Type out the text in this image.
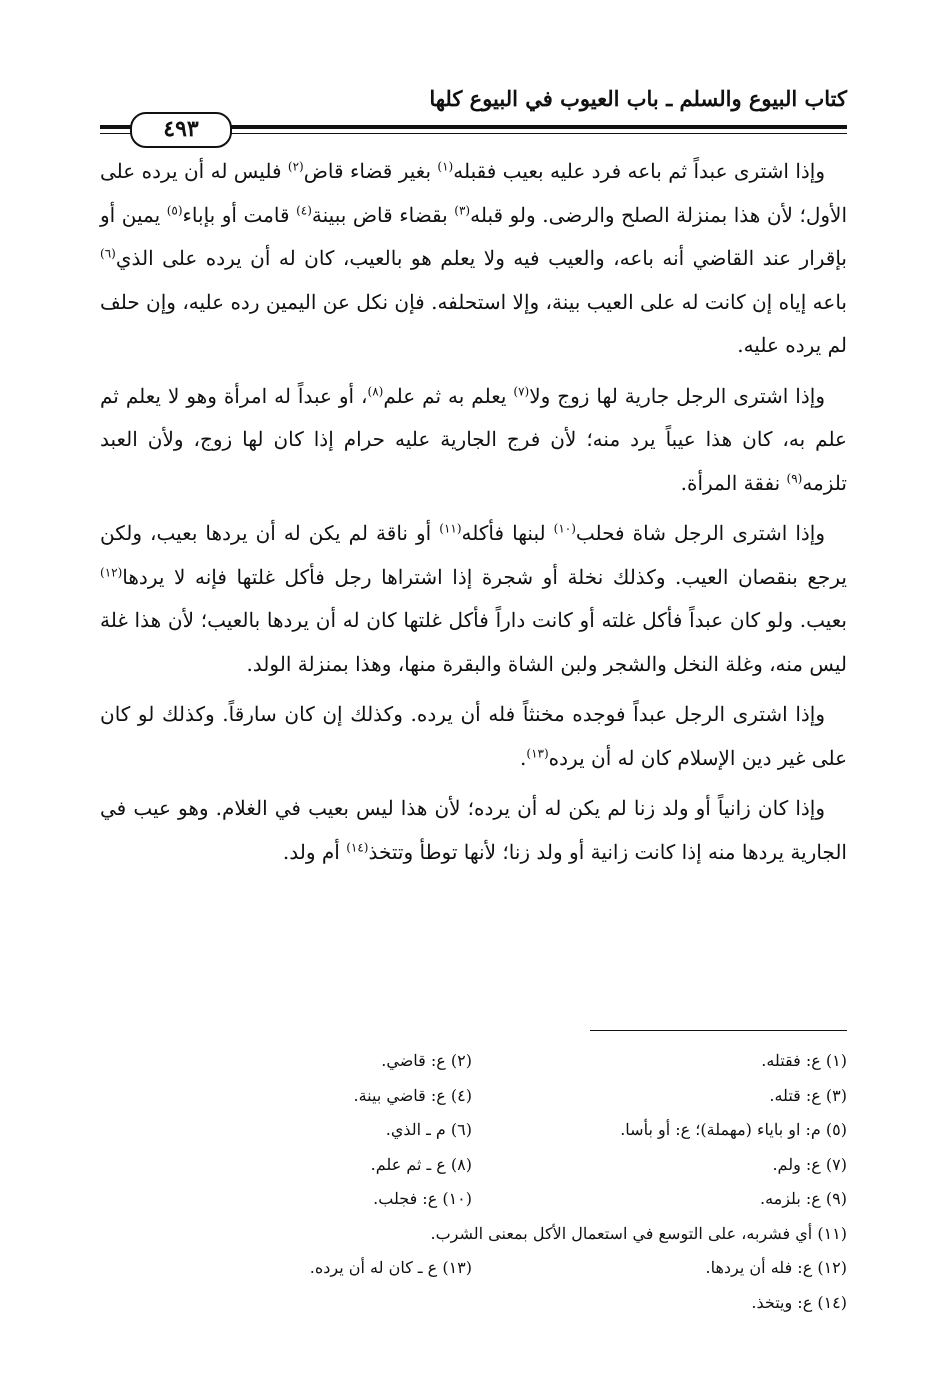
كتاب البيوع والسلم ـ باب العيوب في البيوع كلها
٤٩٣

وإذا اشترى عبداً ثم باعه فرد عليه بعيب فقبله$^{(١)}$ بغير قضاء قاض$^{(٢)}$ فليس له أن يرده على الأول؛ لأن هذا بمنزلة الصلح والرضى. ولو قبله$^{(٣)}$ بقضاء قاض ببينة$^{(٤)}$ قامت أو بإباء$^{(٥)}$ يمين أو بإقرار عند القاضي أنه باعه، والعيب فيه ولا يعلم هو بالعيب، كان له أن يرده على الذي$^{(٦)}$ باعه إياه إن كانت له على العيب بينة، وإلا استحلفه. فإن نكل عن اليمين رده عليه، وإن حلف لم يرده عليه.

وإذا اشترى الرجل جارية لها زوج ولا$^{(٧)}$ يعلم به ثم علم$^{(٨)}$، أو عبداً له امرأة وهو لا يعلم ثم علم به، كان هذا عيباً يرد منه؛ لأن فرج الجارية عليه حرام إذا كان لها زوج، ولأن العبد تلزمه$^{(٩)}$ نفقة المرأة.

وإذا اشترى الرجل شاة فحلب$^{(١٠)}$ لبنها فأكله$^{(١١)}$ أو ناقة لم يكن له أن يردها بعيب، ولكن يرجع بنقصان العيب. وكذلك نخلة أو شجرة إذا اشتراها رجل فأكل غلتها فإنه لا يردها$^{(١٢)}$ بعيب. ولو كان عبداً فأكل غلته أو كانت داراً فأكل غلتها كان له أن يردها بالعيب؛ لأن هذا غلة ليس منه، وغلة النخل والشجر ولبن الشاة والبقرة منها، وهذا بمنزلة الولد.

وإذا اشترى الرجل عبداً فوجده مخنثاً فله أن يرده. وكذلك إن كان سارقاً. وكذلك لو كان على غير دين الإسلام كان له أن يرده$^{(١٣)}$.

وإذا كان زانياً أو ولد زنا لم يكن له أن يرده؛ لأن هذا ليس بعيب في الغلام. وهو عيب في الجارية يردها منه إذا كانت زانية أو ولد زنا؛ لأنها توطأ وتتخذ$^{(١٤)}$ أم ولد.

(١) ع: فقتله.
(٢) ع: قاضي.
(٣) ع: قتله.
(٤) ع: قاضي بينة.
(٥) م: او باياء (مهملة)؛ ع: أو بأسا.
(٦) م ـ الذي.
(٧) ع: ولم.
(٨) ع ـ ثم علم.
(٩) ع: بلزمه.
(١٠) ع: فجلب.
(١١) أي فشربه، على التوسع في استعمال الأكل بمعنى الشرب.
(١٢) ع: فله أن يردها.
(١٣) ع ـ كان له أن يرده.
(١٤) ع: ويتخذ.
